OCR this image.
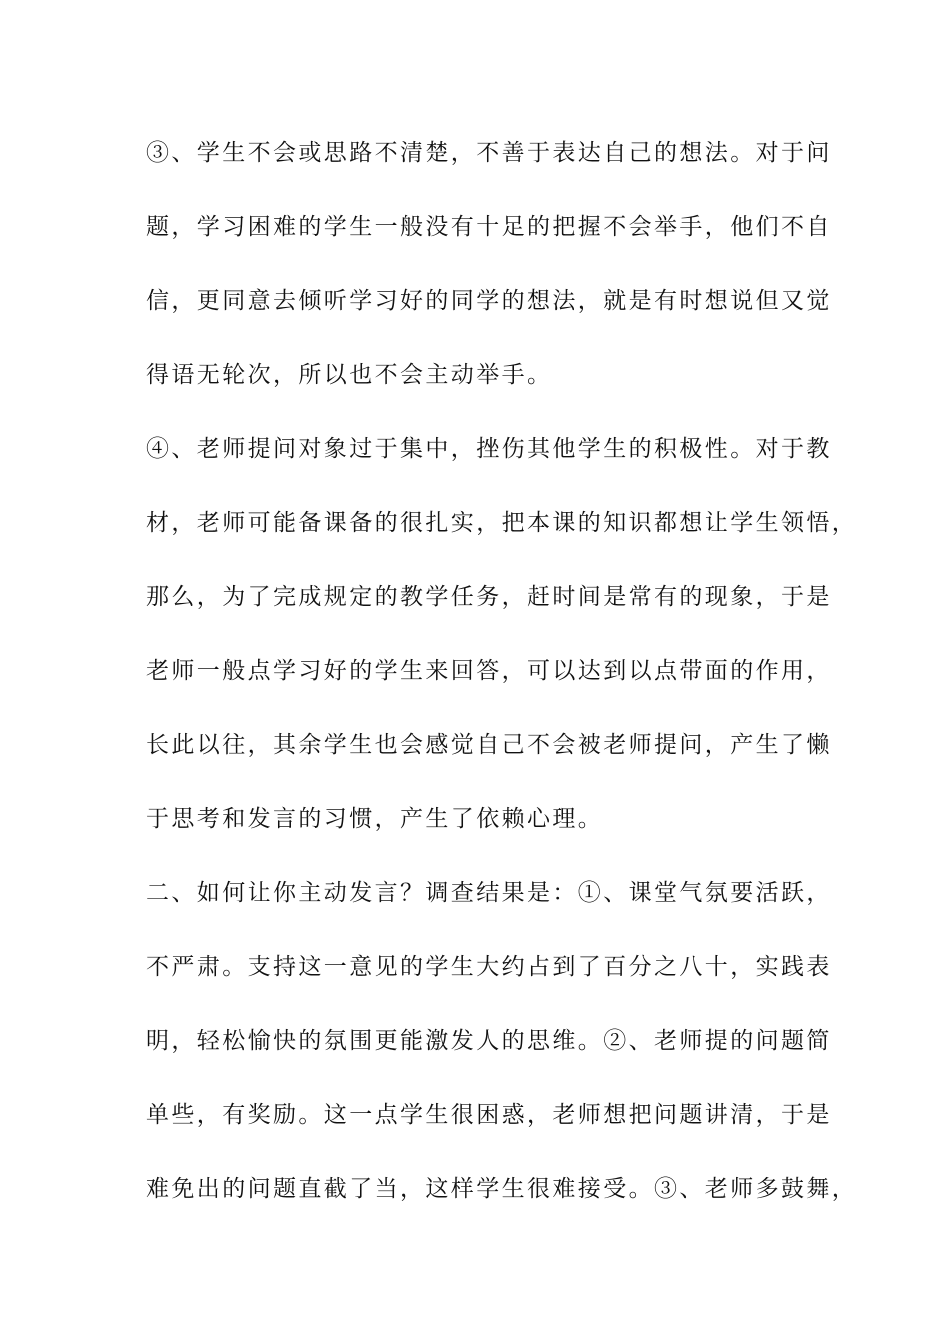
③、学生不会或思路不清楚，不善于表达自己的想法。对于问
题，学习困难的学生一般没有十足的把握不会举手，他们不自
信，更同意去倾听学习好的同学的想法，就是有时想说但又觉
得语无轮次，所以也不会主动举手。
④、老师提问对象过于集中，挫伤其他学生的积极性。对于教
材，老师可能备课备的很扎实，把本课的知识都想让学生领悟，
那么，为了完成规定的教学任务，赶时间是常有的现象，于是
老师一般点学习好的学生来回答，可以达到以点带面的作用，
长此以往，其余学生也会感觉自己不会被老师提问，产生了懒
于思考和发言的习惯，产生了依赖心理。
二、如何让你主动发言？调查结果是：①、课堂气氛要活跃，
不严肃。支持这一意见的学生大约占到了百分之八十，实践表
明，轻松愉快的氛围更能激发人的思维。②、老师提的问题简
单些，有奖励。这一点学生很困惑，老师想把问题讲清，于是
难免出的问题直截了当，这样学生很难接受。③、老师多鼓舞，
